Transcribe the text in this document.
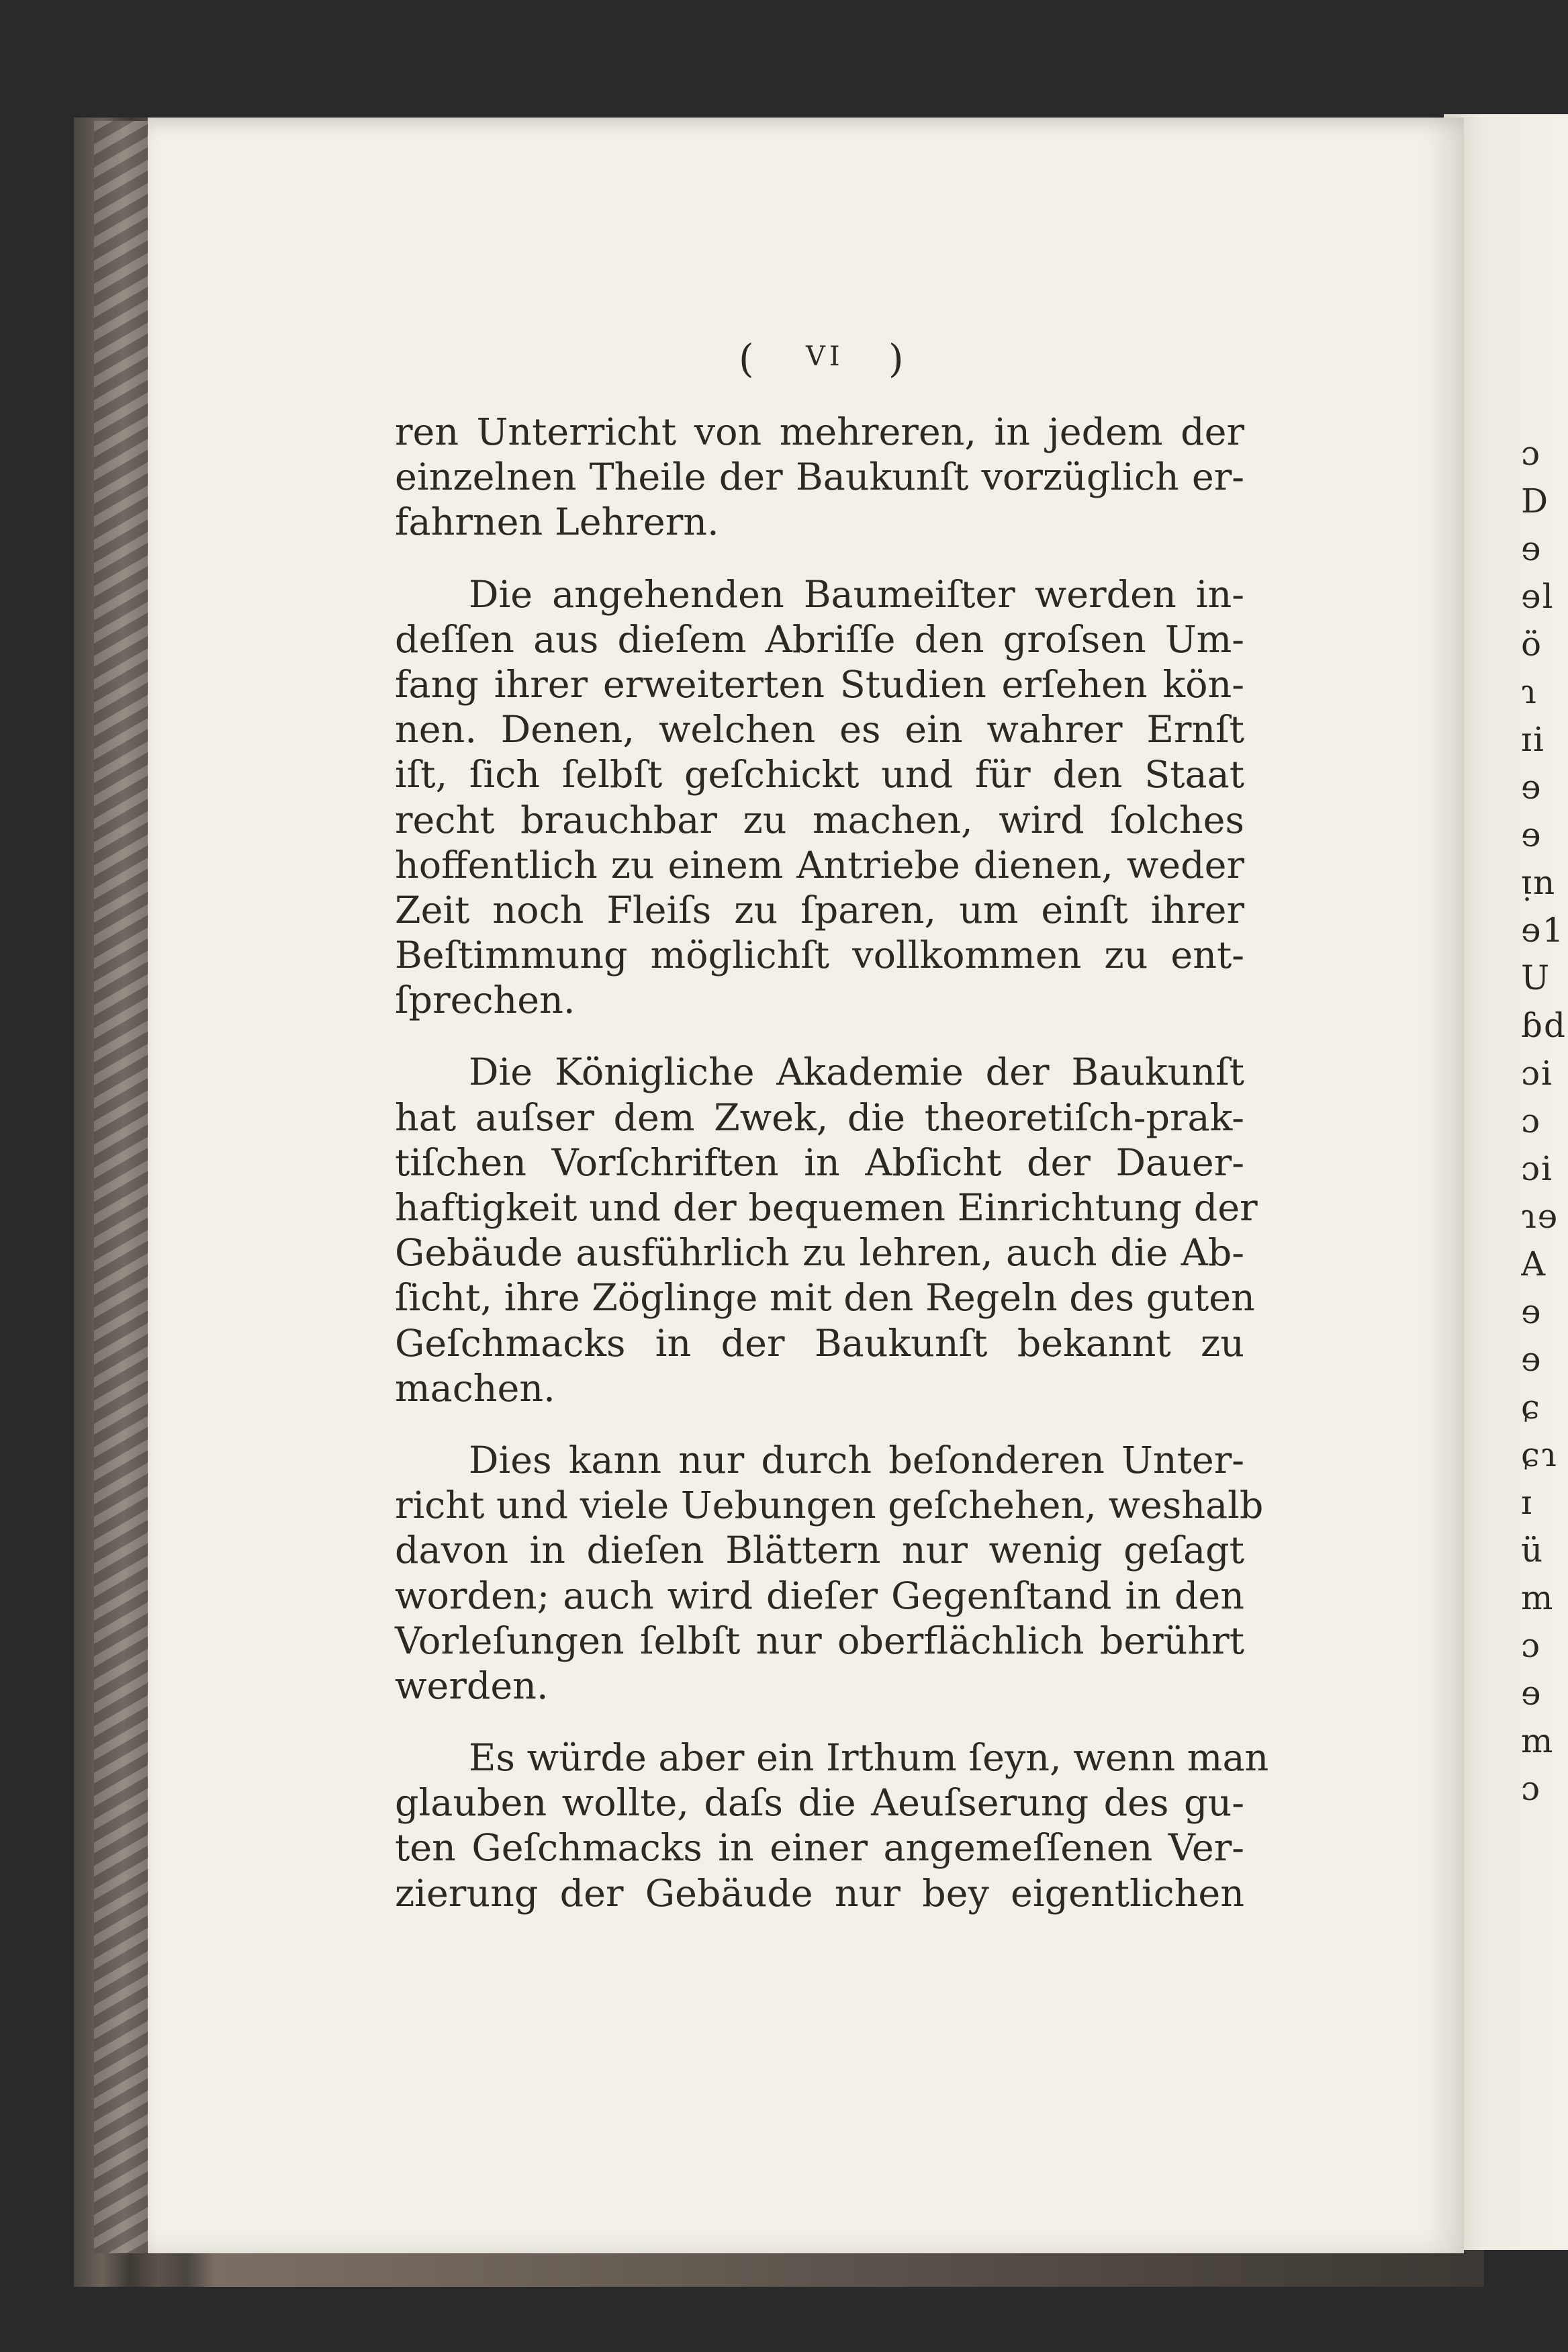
ɔ
D
ɘ
ɘl
ö
ɿ
ɪi
ɘ
ɘ
ᴉn
ɘ1
U
ɓd
ɔi
ɔ
ɔi
ɿɘ
A
ɘ
ɘ
ɕ
ɕɿ
ɪ
ü
m
ɔ
ɘ
m
ɔ
( VI )
ren Unterricht von mehreren, in jedem der
einzelnen Theile der Baukunſt vorzüglich er-
fahrnen Lehrern.
Die angehenden Baumeiſter werden in-
deſſen aus dieſem Abriſſe den groſsen Um-
fang ihrer erweiterten Studien erſehen kön-
nen. Denen, welchen es ein wahrer Ernſt
iſt, ſich ſelbſt geſchickt und für den Staat
recht brauchbar zu machen, wird ſolches
hoffentlich zu einem Antriebe dienen, weder
Zeit noch Fleiſs zu ſparen, um einſt ihrer
Beſtimmung möglichſt vollkommen zu ent-
ſprechen.
Die Königliche Akademie der Baukunſt
hat auſser dem Zwek, die theoretiſch-prak-
tiſchen Vorſchriften in Abſicht der Dauer-
haftigkeit und der bequemen Einrichtung der
Gebäude ausführlich zu lehren, auch die Ab-
ſicht, ihre Zöglinge mit den Regeln des guten
Geſchmacks in der Baukunſt bekannt zu
machen.
Dies kann nur durch beſonderen Unter-
richt und viele Uebungen geſchehen, weshalb
davon in dieſen Blättern nur wenig geſagt
worden; auch wird dieſer Gegenſtand in den
Vorleſungen ſelbſt nur oberflächlich berührt
werden.
Es würde aber ein Irthum ſeyn, wenn man
glauben wollte, daſs die Aeuſserung des gu-
ten Geſchmacks in einer angemeſſenen Ver-
zierung der Gebäude nur bey eigentlichen
